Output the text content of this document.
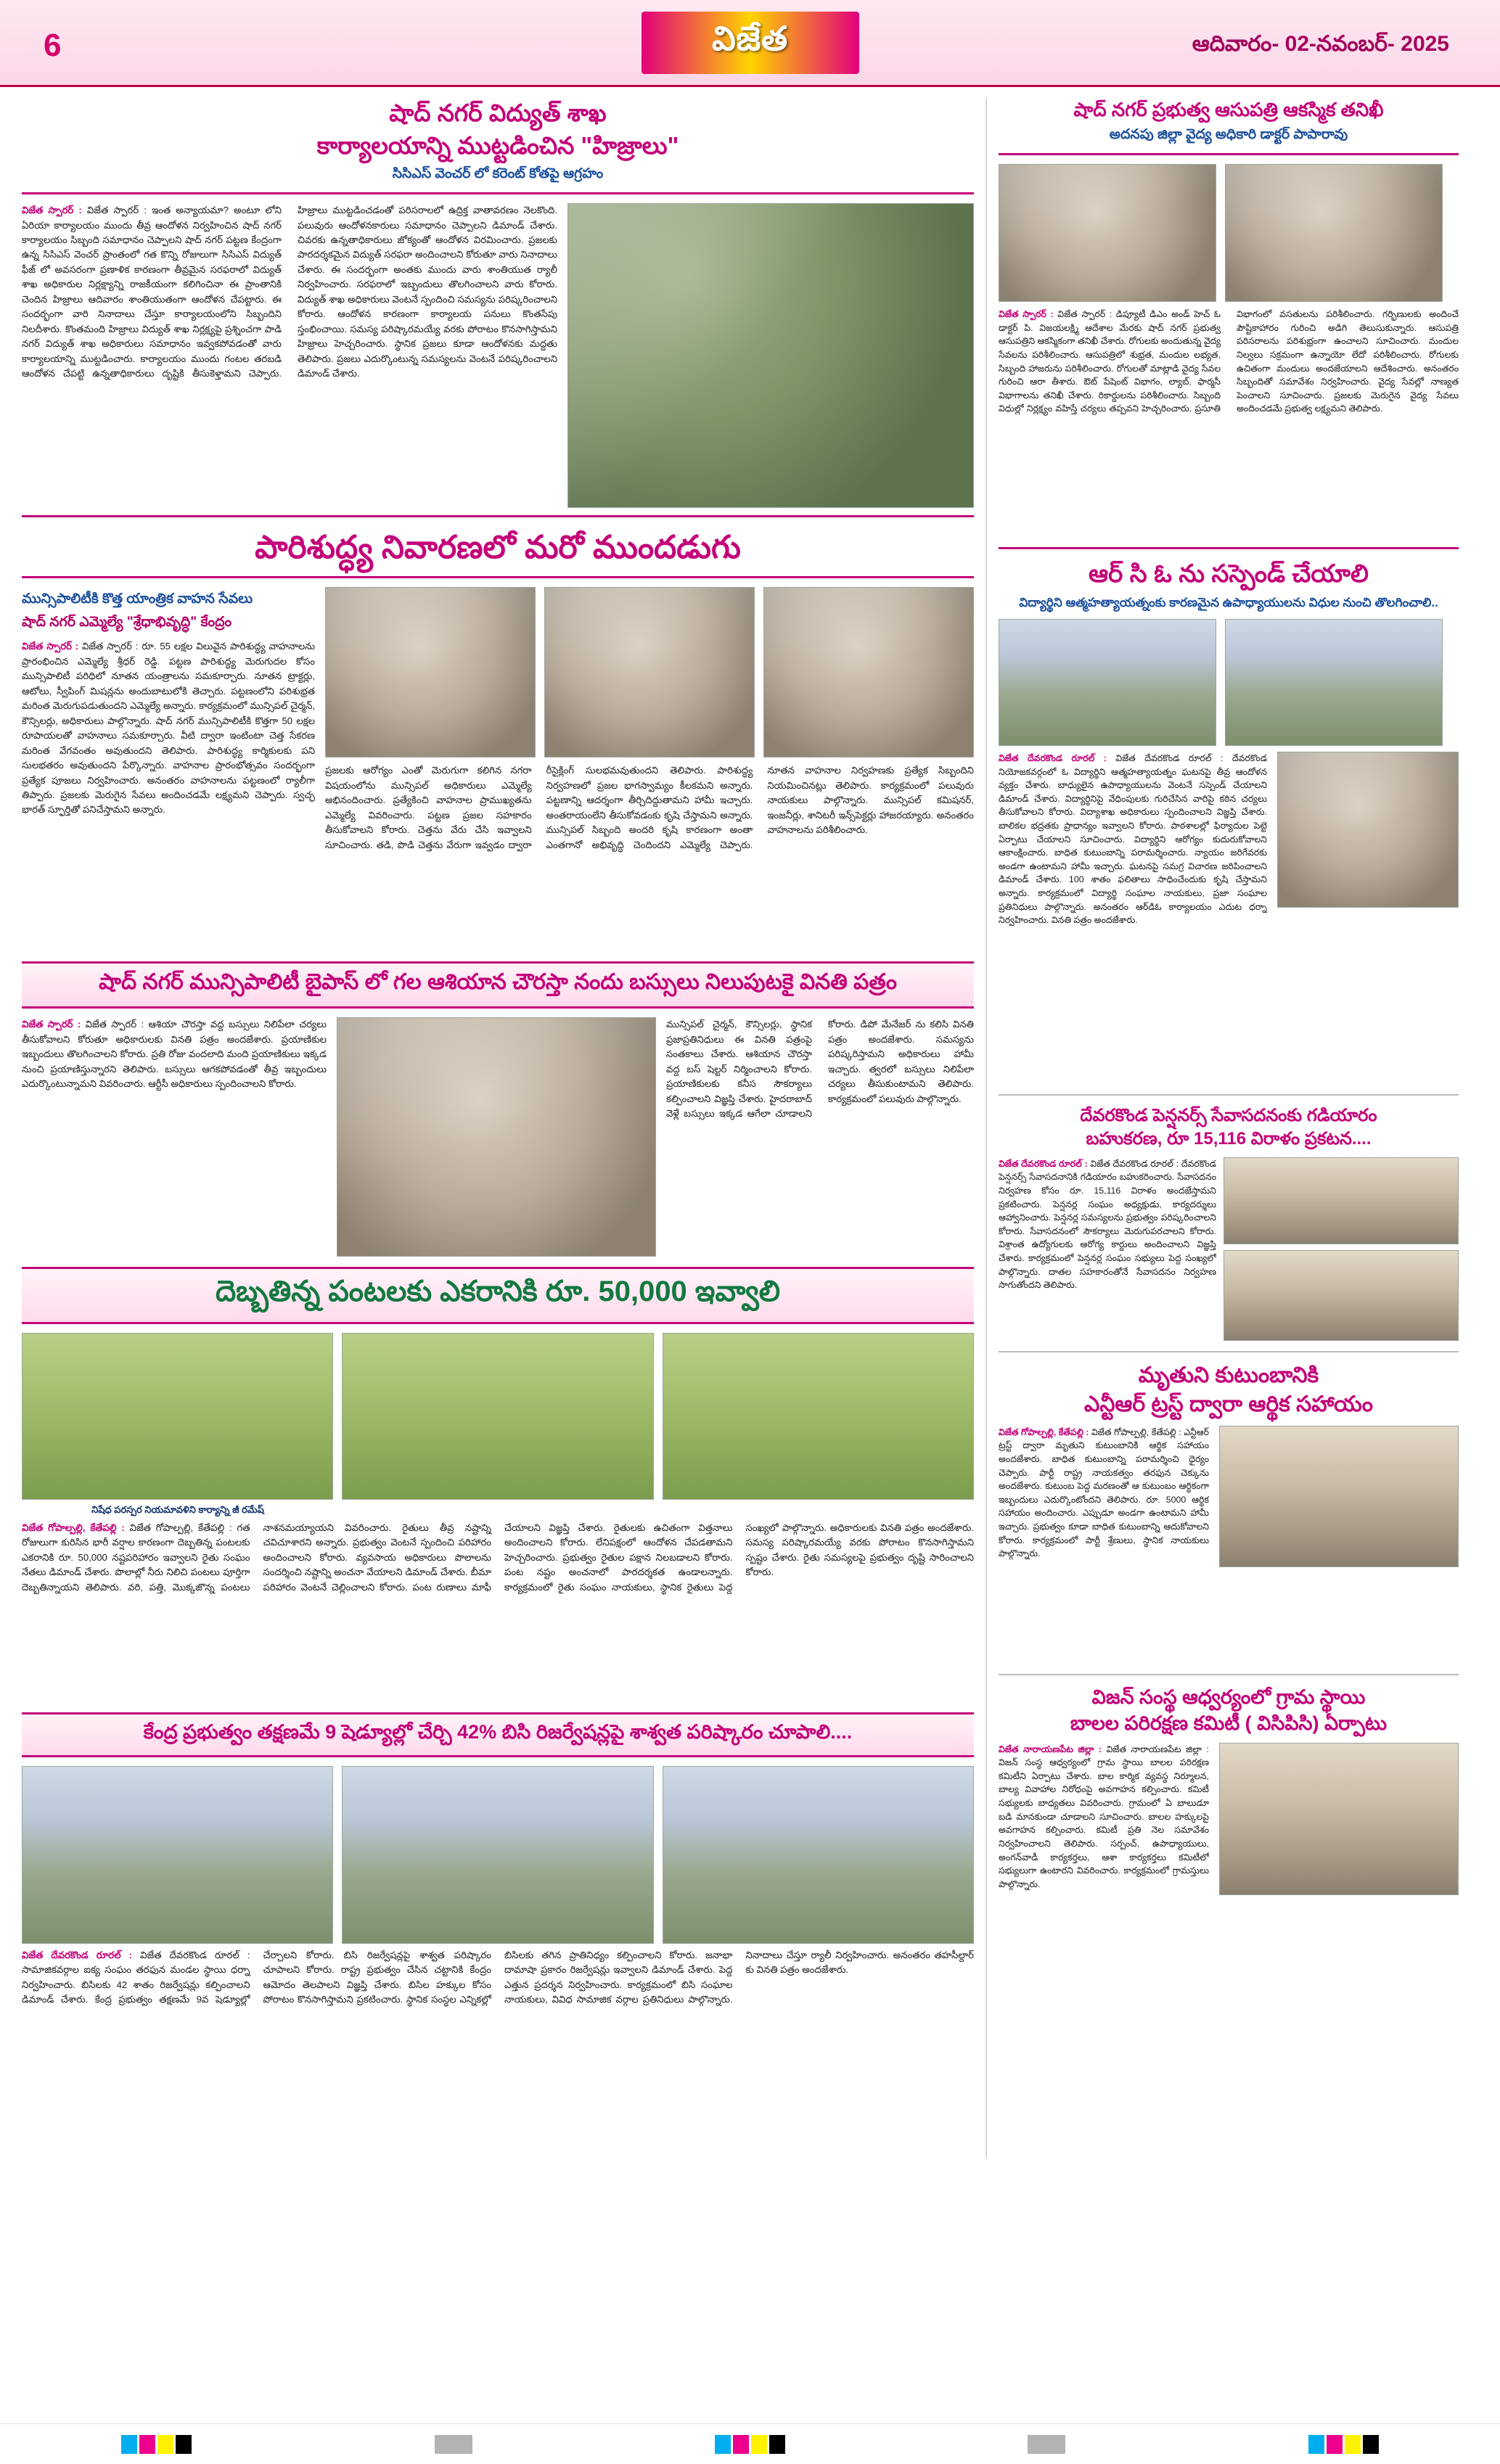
6	విజేత	ఆదివారం- 02-నవంబర్- 2025
షాద్ నగర్ విద్యుత్ శాఖ
కార్యాలయాన్ని ముట్టడించిన "హిజ్రాలు"
సిసిఎస్ వెంచర్ లో కరెంట్ కోతపై ఆగ్రహం
విజేత స్పారర్ : విజేత స్పారర్ : ఇంత అన్యాయమా? అంటూ లోని ఏరియా కార్యాలయం ముందు తీవ్ర ఆందోళన నిర్వహించిన షాద్ నగర్ కార్యాలయం సిబ్బంది సమాధానం చెప్పాలని షాద్ నగర్ పట్టణ కేంద్రంగా ఉన్న సిసిఎస్ వెంచర్ ప్రాంతంలో గత కొన్ని రోజులుగా సిసిఎస్ విద్యుత్ ఫీజ్ లో అవసరంగా ప్రణాళిక కారణంగా తీవ్రమైన సరఫరాలో విద్యుత్ శాఖ అధికారుల నిర్లక్ష్యాన్ని రాజకీయంగా కలిగించినా ఈ ప్రాంతానికి చెందిన హిజ్రాలు ఆదివారం శాంతియుతంగా ఆందోళన చేపట్టారు. ఈ సందర్భంగా వారి నినాదాలు చేస్తూ కార్యాలయంలోని సిబ్బందిని నిలదీశారు. కొంతమంది హిజ్రాలు విద్యుత్ శాఖ నిర్లక్ష్యపై ప్రశ్నించగా పాడి నగర్ విద్యుత్ శాఖ అధికారులు సమాధానం ఇవ్వకపోవడంతో వారు కార్యాలయాన్ని ముట్టడించారు. కార్యాలయం ముందు గంటల తరబడి ఆందోళన చేపట్టి ఉన్నతాధికారులు దృష్టికి తీసుకెళ్తామని చెప్పారు. హిజ్రాలు ముట్టడించడంతో పరిసరాలలో ఉద్రిక్త వాతావరణం నెలకొంది. పలువురు ఆందోళనకారులు సమాధానం చెప్పాలని డిమాండ్ చేశారు. చివరకు ఉన్నతాధికారులు జోక్యంతో ఆందోళన విరమించారు. ప్రజలకు పారదర్శకమైన విద్యుత్ సరఫరా అందించాలని కోరుతూ వారు నినాదాలు చేశారు. ఈ సందర్భంగా అంతకు ముందు వారు శాంతియుత ర్యాలీ నిర్వహించారు. సరఫరాలో ఇబ్బందులు తొలగించాలని వారు కోరారు. విద్యుత్ శాఖ అధికారులు వెంటనే స్పందించి సమస్యను పరిష్కరించాలని కోరారు. ఆందోళన కారణంగా కార్యాలయ పనులు కొంతసేపు స్తంభించాయి. సమస్య పరిష్కారమయ్యే వరకు పోరాటం కొనసాగిస్తామని హిజ్రాలు హెచ్చరించారు. స్థానిక ప్రజలు కూడా ఆందోళనకు మద్దతు తెలిపారు. ప్రజలు ఎదుర్కొంటున్న సమస్యలను వెంటనే పరిష్కరించాలని డిమాండ్ చేశారు.
పారిశుద్ధ్య నివారణలో మరో ముందడుగు
మున్సిపాలిటీకి కొత్త యాంత్రిక వాహన సేవలు
షాద్ నగర్ ఎమ్మెల్యే "శ్రేధాభివృద్ధి" కేంద్రం
విజేత స్పారర్ : విజేత స్పారర్ : రూ. 55 లక్షల విలువైన పారిశుద్ధ్య వాహనాలను ప్రారంభించిన ఎమ్మెల్యే శ్రీధర్ రెడ్డి. పట్టణ పారిశుద్ధ్య మెరుగుదల కోసం మున్సిపాలిటీ పరిధిలో నూతన యంత్రాలను సమకూర్చారు. నూతన ట్రాక్టర్లు, ఆటోలు, స్వీపింగ్ మిషన్లను అందుబాటులోకి తెచ్చారు. పట్టణంలోని పరిశుభ్రత మరింత మెరుగుపడుతుందని ఎమ్మెల్యే అన్నారు. కార్యక్రమంలో మున్సిపల్ చైర్మన్, కౌన్సిలర్లు, అధికారులు పాల్గొన్నారు. షాద్ నగర్ మున్సిపాలిటీకి కొత్తగా 50 లక్షల రూపాయలతో వాహనాలు సమకూర్చారు. వీటి ద్వారా ఇంటింటా చెత్త సేకరణ మరింత వేగవంతం అవుతుందని తెలిపారు. పారిశుద్ధ్య కార్మికులకు పని సులభతరం అవుతుందని పేర్కొన్నారు. వాహనాల ప్రారంభోత్సవం సందర్భంగా ప్రత్యేక పూజలు నిర్వహించారు. అనంతరం వాహనాలను పట్టణంలో ర్యాలీగా తిప్పారు. ప్రజలకు మెరుగైన సేవలు అందించడమే లక్ష్యమని చెప్పారు. స్వచ్ఛ భారత్ స్ఫూర్తితో పనిచేస్తామని అన్నారు.
ప్రజలకు ఆరోగ్యం ఎంతో మెరుగుగా కలిగిన నగరా విషయంలోను మున్సిపల్ అధికారులు ఎమ్మెల్యే అభినందించారు. ప్రత్యేకించి వాహనాల ప్రాముఖ్యతను ఎమ్మెల్యే వివరించారు. పట్టణ ప్రజల సహకారం తీసుకోవాలని కోరారు. చెత్తను వేరు చేసి ఇవ్వాలని సూచించారు. తడి, పొడి చెత్తను వేరుగా ఇవ్వడం ద్వారా రీసైక్లింగ్ సులభమవుతుందని తెలిపారు. పారిశుద్ధ్య నిర్వహణలో ప్రజల భాగస్వామ్యం కీలకమని అన్నారు. పట్టణాన్ని ఆదర్శంగా తీర్చిదిద్దుతామని హామీ ఇచ్చారు. అంతరాయంలేని తీసుకోవడంకు కృషి చేస్తామని అన్నారు. మున్సిపల్ సిబ్బంది అందరి కృషి కారణంగా అంతా ఎంతగానో అభివృద్ధి చెందిందని ఎమ్మెల్యే చెప్పారు. నూతన వాహనాల నిర్వహణకు ప్రత్యేక సిబ్బందిని నియమించినట్లు తెలిపారు. కార్యక్రమంలో పలువురు నాయకులు పాల్గొన్నారు. మున్సిపల్ కమిషనర్, ఇంజనీర్లు, శానిటరీ ఇన్స్‌పెక్టర్లు హాజరయ్యారు. అనంతరం వాహనాలను పరిశీలించారు.
షాద్ నగర్ మున్సిపాలిటీ బైపాస్ లో గల ఆశియాన చౌరస్తా నందు బస్సులు నిలుపుటకై వినతి పత్రం
విజేత స్పారర్ : విజేత స్పారర్ : ఆశియా చౌరస్తా వద్ద బస్సులు నిలిపేలా చర్యలు తీసుకోవాలని కోరుతూ అధికారులకు వినతి పత్రం అందజేశారు. ప్రయాణికుల ఇబ్బందులు తొలగించాలని కోరారు. ప్రతి రోజు వందలాది మంది ప్రయాణికులు ఇక్కడ నుంచి ప్రయాణిస్తున్నారని తెలిపారు. బస్సులు ఆగకపోవడంతో తీవ్ర ఇబ్బందులు ఎదుర్కొంటున్నామని వివరించారు. ఆర్టీసీ అధికారులు స్పందించాలని కోరారు.
మున్సిపల్ చైర్మన్, కౌన్సిలర్లు, స్థానిక ప్రజాప్రతినిధులు ఈ వినతి పత్రంపై సంతకాలు చేశారు. ఆశియాన చౌరస్తా వద్ద బస్ షెల్టర్ నిర్మించాలని కోరారు. ప్రయాణికులకు కనీస సౌకర్యాలు కల్పించాలని విజ్ఞప్తి చేశారు. హైదరాబాద్ వెళ్లే బస్సులు ఇక్కడ ఆగేలా చూడాలని కోరారు. డిపో మేనేజర్ ను కలిసి వినతి పత్రం అందజేశారు. సమస్యను పరిష్కరిస్తామని అధికారులు హామీ ఇచ్చారు. త్వరలో బస్సులు నిలిపేలా చర్యలు తీసుకుంటామని తెలిపారు. కార్యక్రమంలో పలువురు పాల్గొన్నారు.
దెబ్బతిన్న పంటలకు ఎకరానికి రూ. 50,000 ఇవ్వాలి
నిషేధ పరస్పర నియమావళిని కార్యాన్ని జీ రమేష్
విజేత గోపాల్పల్లి, కేతేపల్లి : విజేత గోపాల్పల్లి, కేతేపల్లి : గత రోజులుగా కురిసిన భారీ వర్షాల కారణంగా దెబ్బతిన్న పంటలకు ఎకరానికి రూ. 50,000 నష్టపరిహారం ఇవ్వాలని రైతు సంఘం నేతలు డిమాండ్ చేశారు. పొలాల్లో నీరు నిలిచి పంటలు పూర్తిగా దెబ్బతిన్నాయని తెలిపారు. వరి, పత్తి, మొక్కజొన్న పంటలు నాశనమయ్యాయని వివరించారు. రైతులు తీవ్ర నష్టాన్ని చవిచూశారని అన్నారు. ప్రభుత్వం వెంటనే స్పందించి పరిహారం అందించాలని కోరారు. వ్యవసాయ అధికారులు పొలాలను సందర్శించి నష్టాన్ని అంచనా వేయాలని డిమాండ్ చేశారు. బీమా పరిహారం వెంటనే చెల్లించాలని కోరారు. పంట రుణాలు మాఫీ చేయాలని విజ్ఞప్తి చేశారు. రైతులకు ఉచితంగా విత్తనాలు అందించాలని కోరారు. లేనిపక్షంలో ఆందోళన చేపడతామని హెచ్చరించారు. ప్రభుత్వం రైతుల పక్షాన నిలబడాలని కోరారు. పంట నష్టం అంచనాలో పారదర్శకత ఉండాలన్నారు. కార్యక్రమంలో రైతు సంఘం నాయకులు, స్థానిక రైతులు పెద్ద సంఖ్యలో పాల్గొన్నారు. అధికారులకు వినతి పత్రం అందజేశారు. సమస్య పరిష్కారమయ్యే వరకు పోరాటం కొనసాగిస్తామని స్పష్టం చేశారు. రైతు సమస్యలపై ప్రభుత్వం దృష్టి సారించాలని కోరారు.
కేంద్ర ప్రభుత్వం తక్షణమే 9 షెడ్యూల్లో చేర్చి 42% బిసి రిజర్వేషన్లపై శాశ్వత పరిష్కారం చూపాలి....
విజేత దేవరకొండ రూరల్ : విజేత దేవరకొండ రూరల్ : సామాజికవర్గాల ఐక్య సంఘం తరఫున మండల స్థాయి ధర్నా నిర్వహించారు. బిసిలకు 42 శాతం రిజర్వేషన్లు కల్పించాలని డిమాండ్ చేశారు. కేంద్ర ప్రభుత్వం తక్షణమే 9వ షెడ్యూల్లో చేర్చాలని కోరారు. బిసి రిజర్వేషన్లపై శాశ్వత పరిష్కారం చూపాలని కోరారు. రాష్ట్ర ప్రభుత్వం చేసిన చట్టానికి కేంద్రం ఆమోదం తెలపాలని విజ్ఞప్తి చేశారు. బిసిల హక్కుల కోసం పోరాటం కొనసాగిస్తామని ప్రకటించారు. స్థానిక సంస్థల ఎన్నికల్లో బిసిలకు తగిన ప్రాతినిధ్యం కల్పించాలని కోరారు. జనాభా దామాషా ప్రకారం రిజర్వేషన్లు ఇవ్వాలని డిమాండ్ చేశారు. పెద్ద ఎత్తున ప్రదర్శన నిర్వహించారు. కార్యక్రమంలో బిసి సంఘాల నాయకులు, వివిధ సామాజిక వర్గాల ప్రతినిధులు పాల్గొన్నారు. నినాదాలు చేస్తూ ర్యాలీ నిర్వహించారు. అనంతరం తహసీల్దార్ కు వినతి పత్రం అందజేశారు.
షాద్ నగర్ ప్రభుత్వ ఆసుపత్రి ఆకస్మిక తనిఖీ
అదనపు జిల్లా వైద్య అధికారి డాక్టర్ పాపారావు
విజేత స్పారర్ : విజేత స్పారర్ : డిప్యూటీ డిఎం అండ్ హెచ్ ఓ డాక్టర్ పి. విజయలక్ష్మి ఆదేశాల మేరకు షాద్ నగర్ ప్రభుత్వ ఆసుపత్రిని ఆకస్మికంగా తనిఖీ చేశారు. రోగులకు అందుతున్న వైద్య సేవలను పరిశీలించారు. ఆసుపత్రిలో శుభ్రత, మందుల లభ్యత, సిబ్బంది హాజరును పరిశీలించారు. రోగులతో మాట్లాడి వైద్య సేవల గురించి ఆరా తీశారు. ఔట్ పేషెంట్ విభాగం, ల్యాబ్, ఫార్మసీ విభాగాలను తనిఖీ చేశారు. రికార్డులను పరిశీలించారు. సిబ్బంది విధుల్లో నిర్లక్ష్యం వహిస్తే చర్యలు తప్పవని హెచ్చరించారు. ప్రసూతి విభాగంలో వసతులను పరిశీలించారు. గర్భిణులకు అందించే పౌష్టికాహారం గురించి అడిగి తెలుసుకున్నారు. ఆసుపత్రి పరిసరాలను పరిశుభ్రంగా ఉంచాలని సూచించారు. మందుల నిల్వలు సక్రమంగా ఉన్నాయో లేదో పరిశీలించారు. రోగులకు ఉచితంగా మందులు అందజేయాలని ఆదేశించారు. అనంతరం సిబ్బందితో సమావేశం నిర్వహించారు. వైద్య సేవల్లో నాణ్యత పెంచాలని సూచించారు. ప్రజలకు మెరుగైన వైద్య సేవలు అందించడమే ప్రభుత్వ లక్ష్యమని తెలిపారు.
ఆర్ సి ఓ ను సస్పెండ్ చేయాలి
విద్యార్థిని ఆత్మహత్యాయత్నంకు కారణమైన ఉపాధ్యాయులను విధుల నుంచి తొలగించాలి..
విజేత దేవరకొండ రూరల్ : విజేత దేవరకొండ రూరల్ : దేవరకొండ నియోజకవర్గంలో ఓ విద్యార్థిని ఆత్మహత్యాయత్నం ఘటనపై తీవ్ర ఆందోళన వ్యక్తం చేశారు. బాధ్యులైన ఉపాధ్యాయులను వెంటనే సస్పెండ్ చేయాలని డిమాండ్ చేశారు. విద్యార్థినిపై వేధింపులకు గురిచేసిన వారిపై కఠిన చర్యలు తీసుకోవాలని కోరారు. విద్యాశాఖ అధికారులు స్పందించాలని విజ్ఞప్తి చేశారు. బాలికల భద్రతకు ప్రాధాన్యం ఇవ్వాలని కోరారు. పాఠశాలల్లో ఫిర్యాదుల పెట్టె ఏర్పాటు చేయాలని సూచించారు. విద్యార్థిని ఆరోగ్యం కుదురుకోవాలని ఆకాంక్షించారు. బాధిత కుటుంబాన్ని పరామర్శించారు. న్యాయం జరిగేవరకు అండగా ఉంటామని హామీ ఇచ్చారు. ఘటనపై సమగ్ర విచారణ జరిపించాలని డిమాండ్ చేశారు. 100 శాతం ఫలితాలు సాధించేందుకు కృషి చేస్తామని అన్నారు. కార్యక్రమంలో విద్యార్థి సంఘాల నాయకులు, ప్రజా సంఘాల ప్రతినిధులు పాల్గొన్నారు. అనంతరం ఆర్‌డిఓ కార్యాలయం ఎదుట ధర్నా నిర్వహించారు. వినతి పత్రం అందజేశారు.
దేవరకొండ పెన్షనర్స్ సేవాసదనంకు గడియారం
బహుకరణ, రూ 15,116 విరాళం ప్రకటన....
విజేత దేవరకొండ రూరల్ : విజేత దేవరకొండ రూరల్ : దేవరకొండ పెన్షనర్స్ సేవాసదనానికి గడియారం బహుకరించారు. సేవాసదనం నిర్వహణ కోసం రూ. 15,116 విరాళం అందజేస్తామని ప్రకటించారు. పెన్షనర్ల సంఘం అధ్యక్షుడు, కార్యదర్శులు ఆహ్వానించారు. పెన్షనర్ల సమస్యలను ప్రభుత్వం పరిష్కరించాలని కోరారు. సేవాసదనంలో సౌకర్యాలు మెరుగుపరచాలని కోరారు. విశ్రాంత ఉద్యోగులకు ఆరోగ్య కార్డులు అందించాలని విజ్ఞప్తి చేశారు. కార్యక్రమంలో పెన్షనర్ల సంఘం సభ్యులు పెద్ద సంఖ్యలో పాల్గొన్నారు. దాతల సహకారంతోనే సేవాసదనం నిర్వహణ సాగుతోందని తెలిపారు.
మృతుని కుటుంబానికి
ఎన్టీఆర్ ట్రస్ట్ ద్వారా ఆర్థిక సహాయం
విజేత గోపాల్పల్లి, కేతేపల్లి : విజేత గోపాల్పల్లి, కేతేపల్లి : ఎన్టీఆర్ ట్రస్ట్ ద్వారా మృతుని కుటుంబానికి ఆర్థిక సహాయం అందజేశారు. బాధిత కుటుంబాన్ని పరామర్శించి ధైర్యం చెప్పారు. పార్టీ రాష్ట్ర నాయకత్వం తరఫున చెక్కును అందజేశారు. కుటుంబ పెద్ద మరణంతో ఆ కుటుంబం ఆర్థికంగా ఇబ్బందులు ఎదుర్కొంటోందని తెలిపారు. రూ. 5000 ఆర్థిక సహాయం అందించారు. ఎప్పుడూ అండగా ఉంటామని హామీ ఇచ్చారు. ప్రభుత్వం కూడా బాధిత కుటుంబాన్ని ఆదుకోవాలని కోరారు. కార్యక్రమంలో పార్టీ శ్రేణులు, స్థానిక నాయకులు పాల్గొన్నారు.
విజన్ సంస్థ ఆధ్వర్యంలో గ్రామ స్థాయి
బాలల పరిరక్షణ కమిటీ ( విసిపిసి) ఏర్పాటు
విజేత నారాయణపేట జిల్లా : విజేత నారాయణపేట జిల్లా : విజన్ సంస్థ ఆధ్వర్యంలో గ్రామ స్థాయి బాలల పరిరక్షణ కమిటీని ఏర్పాటు చేశారు. బాల కార్మిక వ్యవస్థ నిర్మూలన, బాల్య వివాహాల నిరోధంపై అవగాహన కల్పించారు. కమిటీ సభ్యులకు బాధ్యతలు వివరించారు. గ్రామంలో ఏ బాలుడూ బడి మానకుండా చూడాలని సూచించారు. బాలల హక్కులపై అవగాహన కల్పించారు. కమిటీ ప్రతి నెల సమావేశం నిర్వహించాలని తెలిపారు. సర్పంచ్, ఉపాధ్యాయులు, అంగన్‌వాడీ కార్యకర్తలు, ఆశా కార్యకర్తలు కమిటీలో సభ్యులుగా ఉంటారని వివరించారు. కార్యక్రమంలో గ్రామస్తులు పాల్గొన్నారు.
